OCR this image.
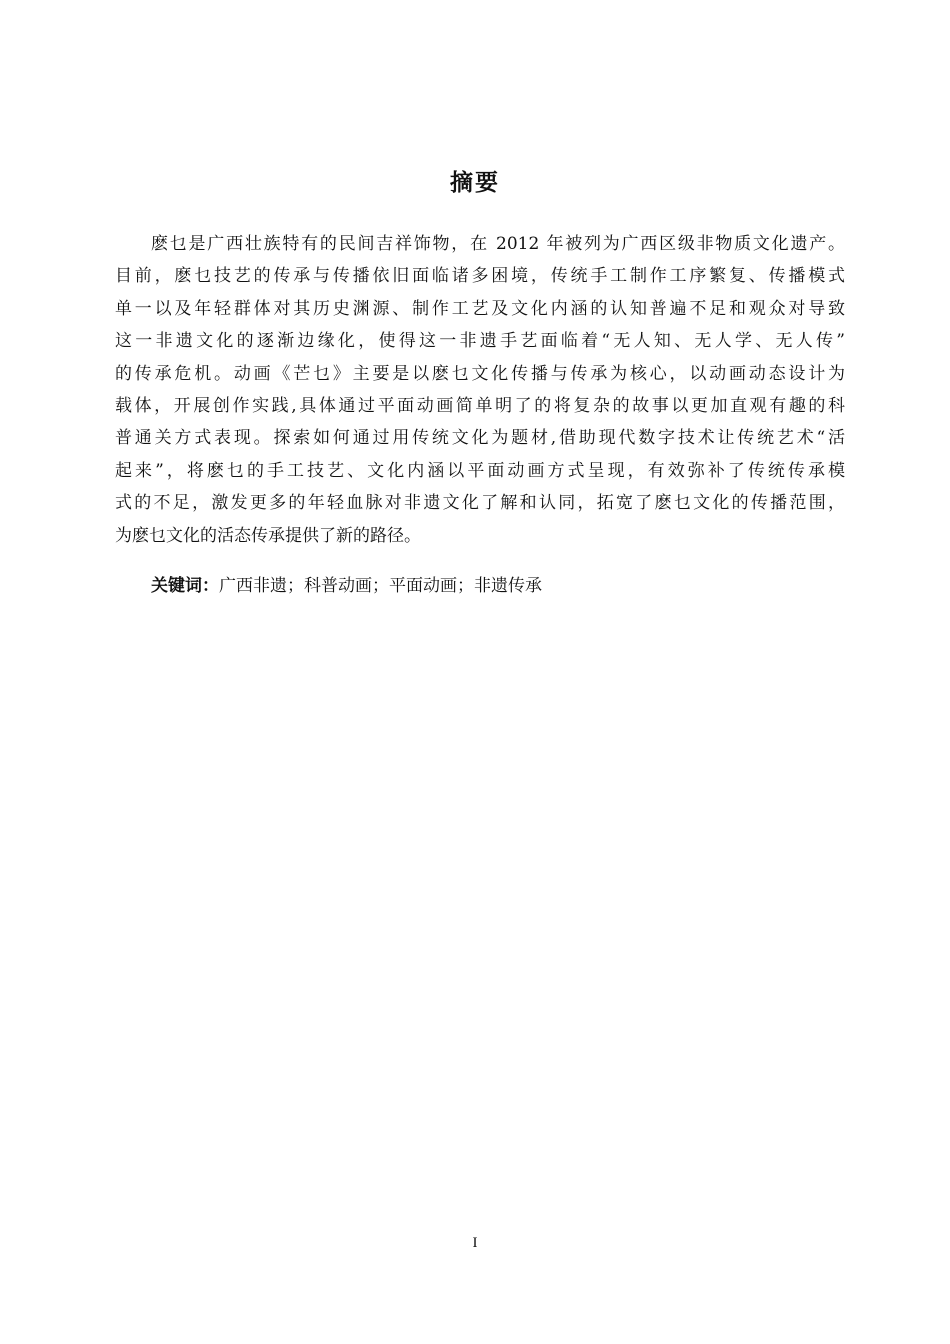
摘要
麽乜是广西壮族特有的民间吉祥饰物，在 2012 年被列为广西区级非物质文化遗产。
目前，麽乜技艺的传承与传播依旧面临诸多困境，传统手工制作工序繁复、传播模式
单一以及年轻群体对其历史渊源、制作工艺及文化内涵的认知普遍不足和观众对导致
这一非遗文化的逐渐边缘化，使得这一非遗手艺面临着“无人知、无人学、无人传”
的传承危机。动画《芒乜》主要是以麽乜文化传播与传承为核心，以动画动态设计为
载体，开展创作实践,具体通过平面动画简单明了的将复杂的故事以更加直观有趣的科
普通关方式表现。探索如何通过用传统文化为题材,借助现代数字技术让传统艺术“活
起来”，将麽乜的手工技艺、文化内涵以平面动画方式呈现，有效弥补了传统传承模
式的不足，激发更多的年轻血脉对非遗文化了解和认同，拓宽了麽乜文化的传播范围，
为麽乜文化的活态传承提供了新的路径。
关键词：广西非遗；科普动画；平面动画；非遗传承
I
